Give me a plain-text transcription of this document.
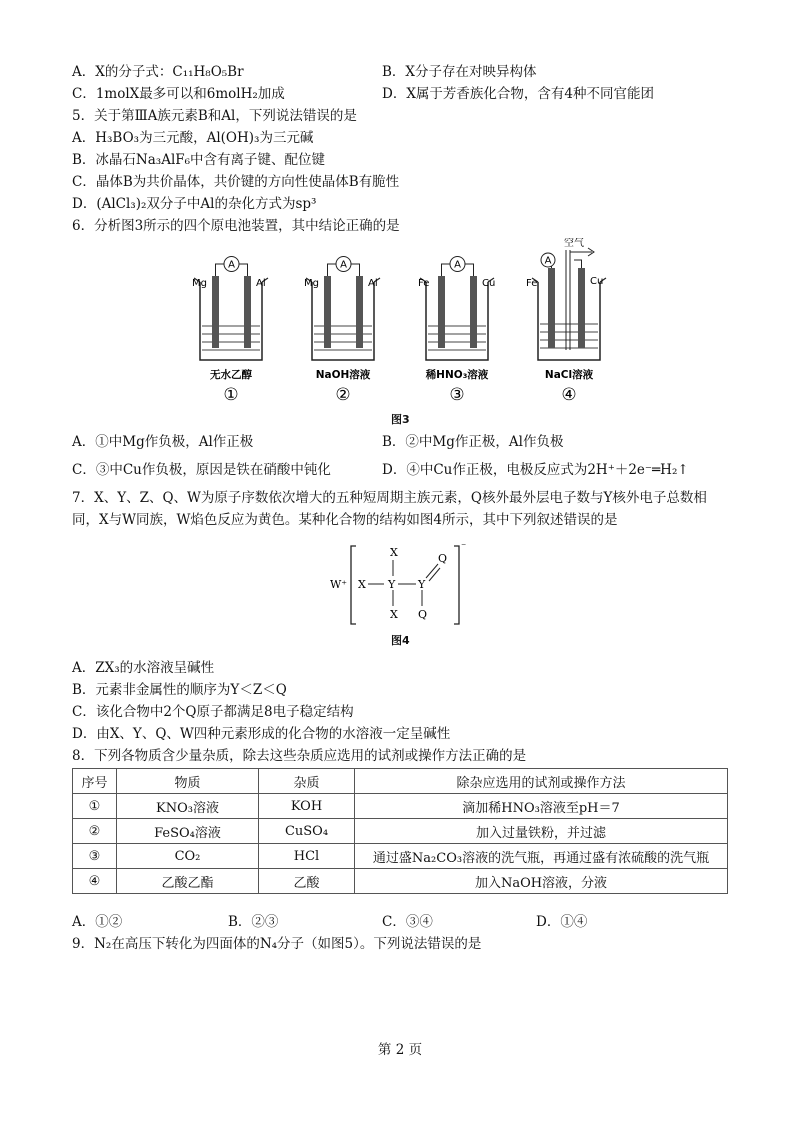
A．X的分子式：C₁₁H₈O₅Br	B．X分子存在对映异构体
C．1molX最多可以和6molH₂加成	D．X属于芳香族化合物，含有4种不同官能团
5．关于第ⅢA族元素B和Al，下列说法错误的是
A．H₃BO₃为三元酸，Al(OH)₃为三元碱
B．冰晶石Na₃AlF₆中含有离子键、配位键
C．晶体B为共价晶体，共价键的方向性使晶体B有脆性
D．(AlCl₃)₂双分子中Al的杂化方式为sp³
6．分析图3所示的四个原电池装置，其中结论正确的是
A
Mg	Al
无水乙醇
①
A
Mg	Al
NaOH溶液
②
A
Fe	Cu
稀HNO₃溶液
③
A
空气
Fe	Cu
NaCl溶液
④
图3
A．①中Mg作负极，Al作正极	B．②中Mg作正极，Al作负极
C．③中Cu作负极，原因是铁在硝酸中钝化	D．④中Cu作正极，电极反应式为2H⁺＋2e⁻═H₂↑
7．X、Y、Z、Q、W为原子序数依次增大的五种短周期主族元素，Q核外最外层电子数与Y核外电子总数相
同，X与W同族，W焰色反应为黄色。某种化合物的结构如图4所示，其中下列叙述错误的是
W⁺
⁻
X Y
X
X
Y
Q
Q
图4
A．ZX₃的水溶液呈碱性
B．元素非金属性的顺序为Y＜Z＜Q
C．该化合物中2个Q原子都满足8电子稳定结构
D．由X、Y、Q、W四种元素形成的化合物的水溶液一定呈碱性
8．下列各物质含少量杂质，除去这些杂质应选用的试剂或操作方法正确的是
序号	物质	杂质	除杂应选用的试剂或操作方法
①	KNO₃溶液	KOH	滴加稀HNO₃溶液至pH＝7
②	FeSO₄溶液	CuSO₄	加入过量铁粉，并过滤
③	CO₂	HCl	通过盛Na₂CO₃溶液的洗气瓶，再通过盛有浓硫酸的洗气瓶
④	乙酸乙酯	乙酸	加入NaOH溶液，分液
A．①②	B．②③	C．③④	D．①④
9．N₂在高压下转化为四面体的N₄分子（如图5）。下列说法错误的是
第 2 页
